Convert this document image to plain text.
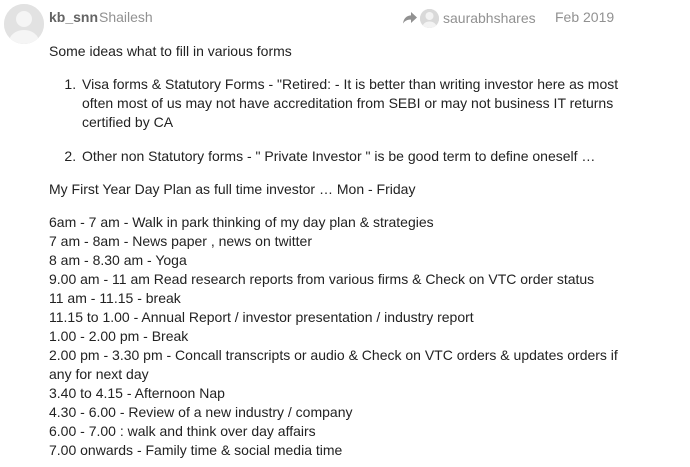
kb_snn Shailesh	saurabhshares Feb 2019

Some ideas what to fill in various forms

1. Visa forms & Statutory Forms - "Retired: - It is better than writing investor here as most often most of us may not have accreditation from SEBI or may not business IT returns certified by CA
2. Other non Statutory forms - " Private Investor " is be good term to define oneself …

My First Year Day Plan as full time investor … Mon - Friday

6am - 7 am - Walk in park thinking of my day plan & strategies
7 am - 8am - News paper , news on twitter
8 am - 8.30 am - Yoga
9.00 am - 11 am Read research reports from various firms & Check on VTC order status
11 am - 11.15 - break
11.15 to 1.00 - Annual Report / investor presentation / industry report
1.00 - 2.00 pm - Break
2.00 pm - 3.30 pm - Concall transcripts or audio & Check on VTC orders & updates orders if any for next day
3.40 to 4.15 - Afternoon Nap
4.30 - 6.00 - Review of a new industry / company
6.00 - 7.00 : walk and think over day affairs
7.00 onwards - Family time & social media time
